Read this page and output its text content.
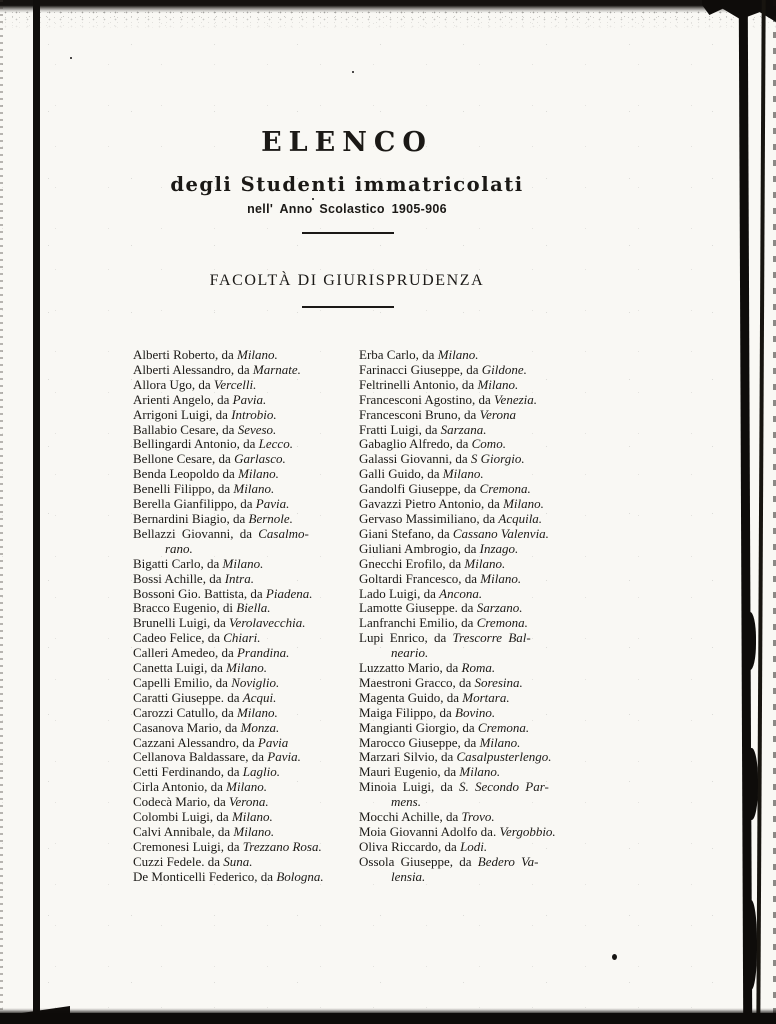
ELENCO
degli Studenti immatricolati
nell' Anno Scolastico 1905-906
FACOLTÀ DI GIURISPRUDENZA
Alberti Roberto, da Milano.
Alberti Alessandro, da Marnate.
Allora Ugo, da Vercelli.
Arienti Angelo, da Pavia.
Arrigoni Luigi, da Introbio.
Ballabio Cesare, da Seveso.
Bellingardi Antonio, da Lecco.
Bellone Cesare, da Garlasco.
Benda Leopoldo da Milano.
Benelli Filippo, da Milano.
Berella Gianfilippo, da Pavia.
Bernardini Biagio, da Bernole.
Bellazzi Giovanni, da Casalmo-
rano.
Bigatti Carlo, da Milano.
Bossi Achille, da Intra.
Bossoni Gio. Battista, da Piadena.
Bracco Eugenio, di Biella.
Brunelli Luigi, da Verolavecchia.
Cadeo Felice, da Chiari.
Calleri Amedeo, da Prandina.
Canetta Luigi, da Milano.
Capelli Emilio, da Noviglio.
Caratti Giuseppe. da Acqui.
Carozzi Catullo, da Milano.
Casanova Mario, da Monza.
Cazzani Alessandro, da Pavia
Cellanova Baldassare, da Pavia.
Cetti Ferdinando, da Laglio.
Cirla Antonio, da Milano.
Codecà Mario, da Verona.
Colombi Luigi, da Milano.
Calvi Annibale, da Milano.
Cremonesi Luigi, da Trezzano Rosa.
Cuzzi Fedele. da Suna.
De Monticelli Federico, da Bologna.
Erba Carlo, da Milano.
Farinacci Giuseppe, da Gildone.
Feltrinelli Antonio, da Milano.
Francesconi Agostino, da Venezia.
Francesconi Bruno, da Verona
Fratti Luigi, da Sarzana.
Gabaglio Alfredo, da Como.
Galassi Giovanni, da S Giorgio.
Galli Guido, da Milano.
Gandolfi Giuseppe, da Cremona.
Gavazzi Pietro Antonio, da Milano.
Gervaso Massimiliano, da Acquila.
Giani Stefano, da Cassano Valenvia.
Giuliani Ambrogio, da Inzago.
Gnecchi Erofilo, da Milano.
Goltardi Francesco, da Milano.
Lado Luigi, da Ancona.
Lamotte Giuseppe. da Sarzano.
Lanfranchi Emilio, da Cremona.
Lupi Enrico, da Trescorre Bal-
neario.
Luzzatto Mario, da Roma.
Maestroni Gracco, da Soresina.
Magenta Guido, da Mortara.
Maiga Filippo, da Bovino.
Mangianti Giorgio, da Cremona.
Marocco Giuseppe, da Milano.
Marzari Silvio, da Casalpusterlengo.
Mauri Eugenio, da Milano.
Minoia Luigi, da S. Secondo Par-
mens.
Mocchi Achille, da Trovo.
Moia Giovanni Adolfo da. Vergobbio.
Oliva Riccardo, da Lodi.
Ossola Giuseppe, da Bedero Va-
lensia.
